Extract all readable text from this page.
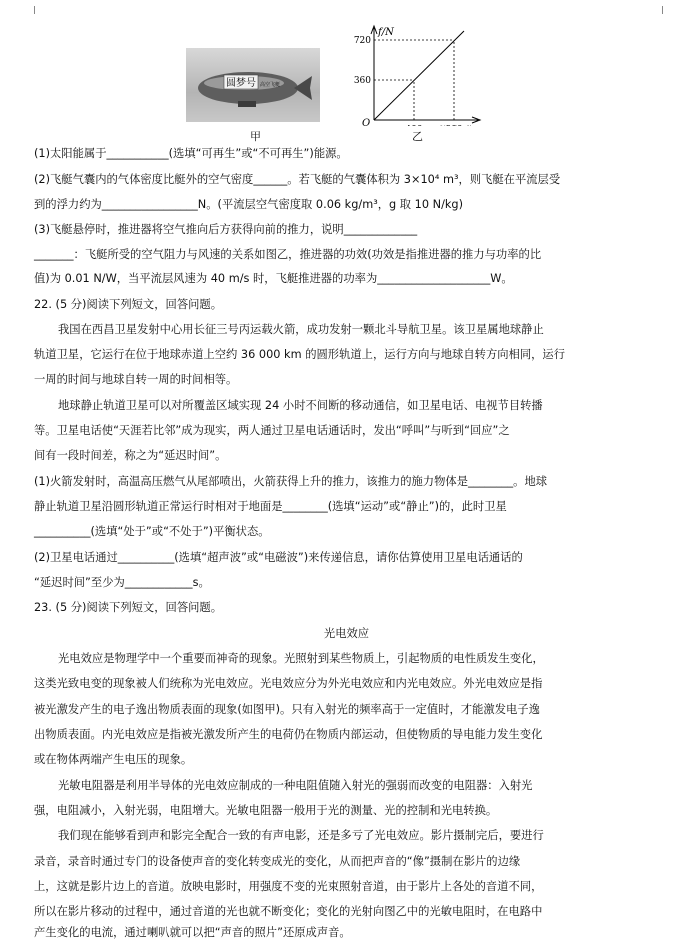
圆梦号 高空飞艇
甲
f/N
O
720
360
乙
(1)太阳能属于___________(选填“可再生”或“不可再生”)能源。
(2)飞艇气囊内的气体密度比艇外的空气密度______。若飞艇的气囊体积为 3×10⁴ m³，则飞艇在平流层受
到的浮力约为_________________N。(平流层空气密度取 0.06 kg/m³，g 取 10 N/kg)
(3)飞艇悬停时，推进器将空气推向后方获得向前的推力，说明_____________
_______：飞艇所受的空气阻力与风速的关系如图乙，推进器的功效(功效是指推进器的推力与功率的比
值)为 0.01 N/W，当平流层风速为 40 m/s 时，飞艇推进器的功率为____________________W。
22. (5 分)阅读下列短文，回答问题。
我国在西昌卫星发射中心用长征三号丙运载火箭，成功发射一颗北斗导航卫星。该卫星属地球静止
轨道卫星，它运行在位于地球赤道上空约 36 000 km 的圆形轨道上，运行方向与地球自转方向相同，运行
一周的时间与地球自转一周的时间相等。
地球静止轨道卫星可以对所覆盖区域实现 24 小时不间断的移动通信，如卫星电话、电视节目转播
等。卫星电话使“天涯若比邻”成为现实，两人通过卫星电话通话时，发出“呼叫”与听到“回应”之
间有一段时间差，称之为“延迟时间”。
(1)火箭发射时，高温高压燃气从尾部喷出，火箭获得上升的推力，该推力的施力物体是________。地球
静止轨道卫星沿圆形轨道正常运行时相对于地面是________(选填“运动”或“静止”)的，此时卫星
__________(选填“处于”或“不处于”)平衡状态。
(2)卫星电话通过__________(选填“超声波”或“电磁波”)来传递信息，请你估算使用卫星电话通话的
“延迟时间”至少为____________s。
23. (5 分)阅读下列短文，回答问题。
光电效应
光电效应是物理学中一个重要而神奇的现象。光照射到某些物质上，引起物质的电性质发生变化，
这类光致电变的现象被人们统称为光电效应。光电效应分为外光电效应和内光电效应。外光电效应是指
被光激发产生的电子逸出物质表面的现象(如图甲)。只有入射光的频率高于一定值时，才能激发电子逸
出物质表面。内光电效应是指被光激发所产生的电荷仍在物质内部运动，但使物质的导电能力发生变化
或在物体两端产生电压的现象。
光敏电阻器是利用半导体的光电效应制成的一种电阻值随入射光的强弱而改变的电阻器：入射光
强，电阻减小，入射光弱，电阻增大。光敏电阻器一般用于光的测量、光的控制和光电转换。
我们现在能够看到声和影完全配合一致的有声电影，还是多亏了光电效应。影片摄制完后，要进行
录音，录音时通过专门的设备使声音的变化转变成光的变化，从而把声音的“像”摄制在影片的边缘
上，这就是影片边上的音道。放映电影时，用强度不变的光束照射音道，由于影片上各处的音道不同，
所以在影片移动的过程中，通过音道的光也就不断变化；变化的光射向图乙中的光敏电阻时，在电路中
产生变化的电流，通过喇叭就可以把“声音的照片”还原成声音。
